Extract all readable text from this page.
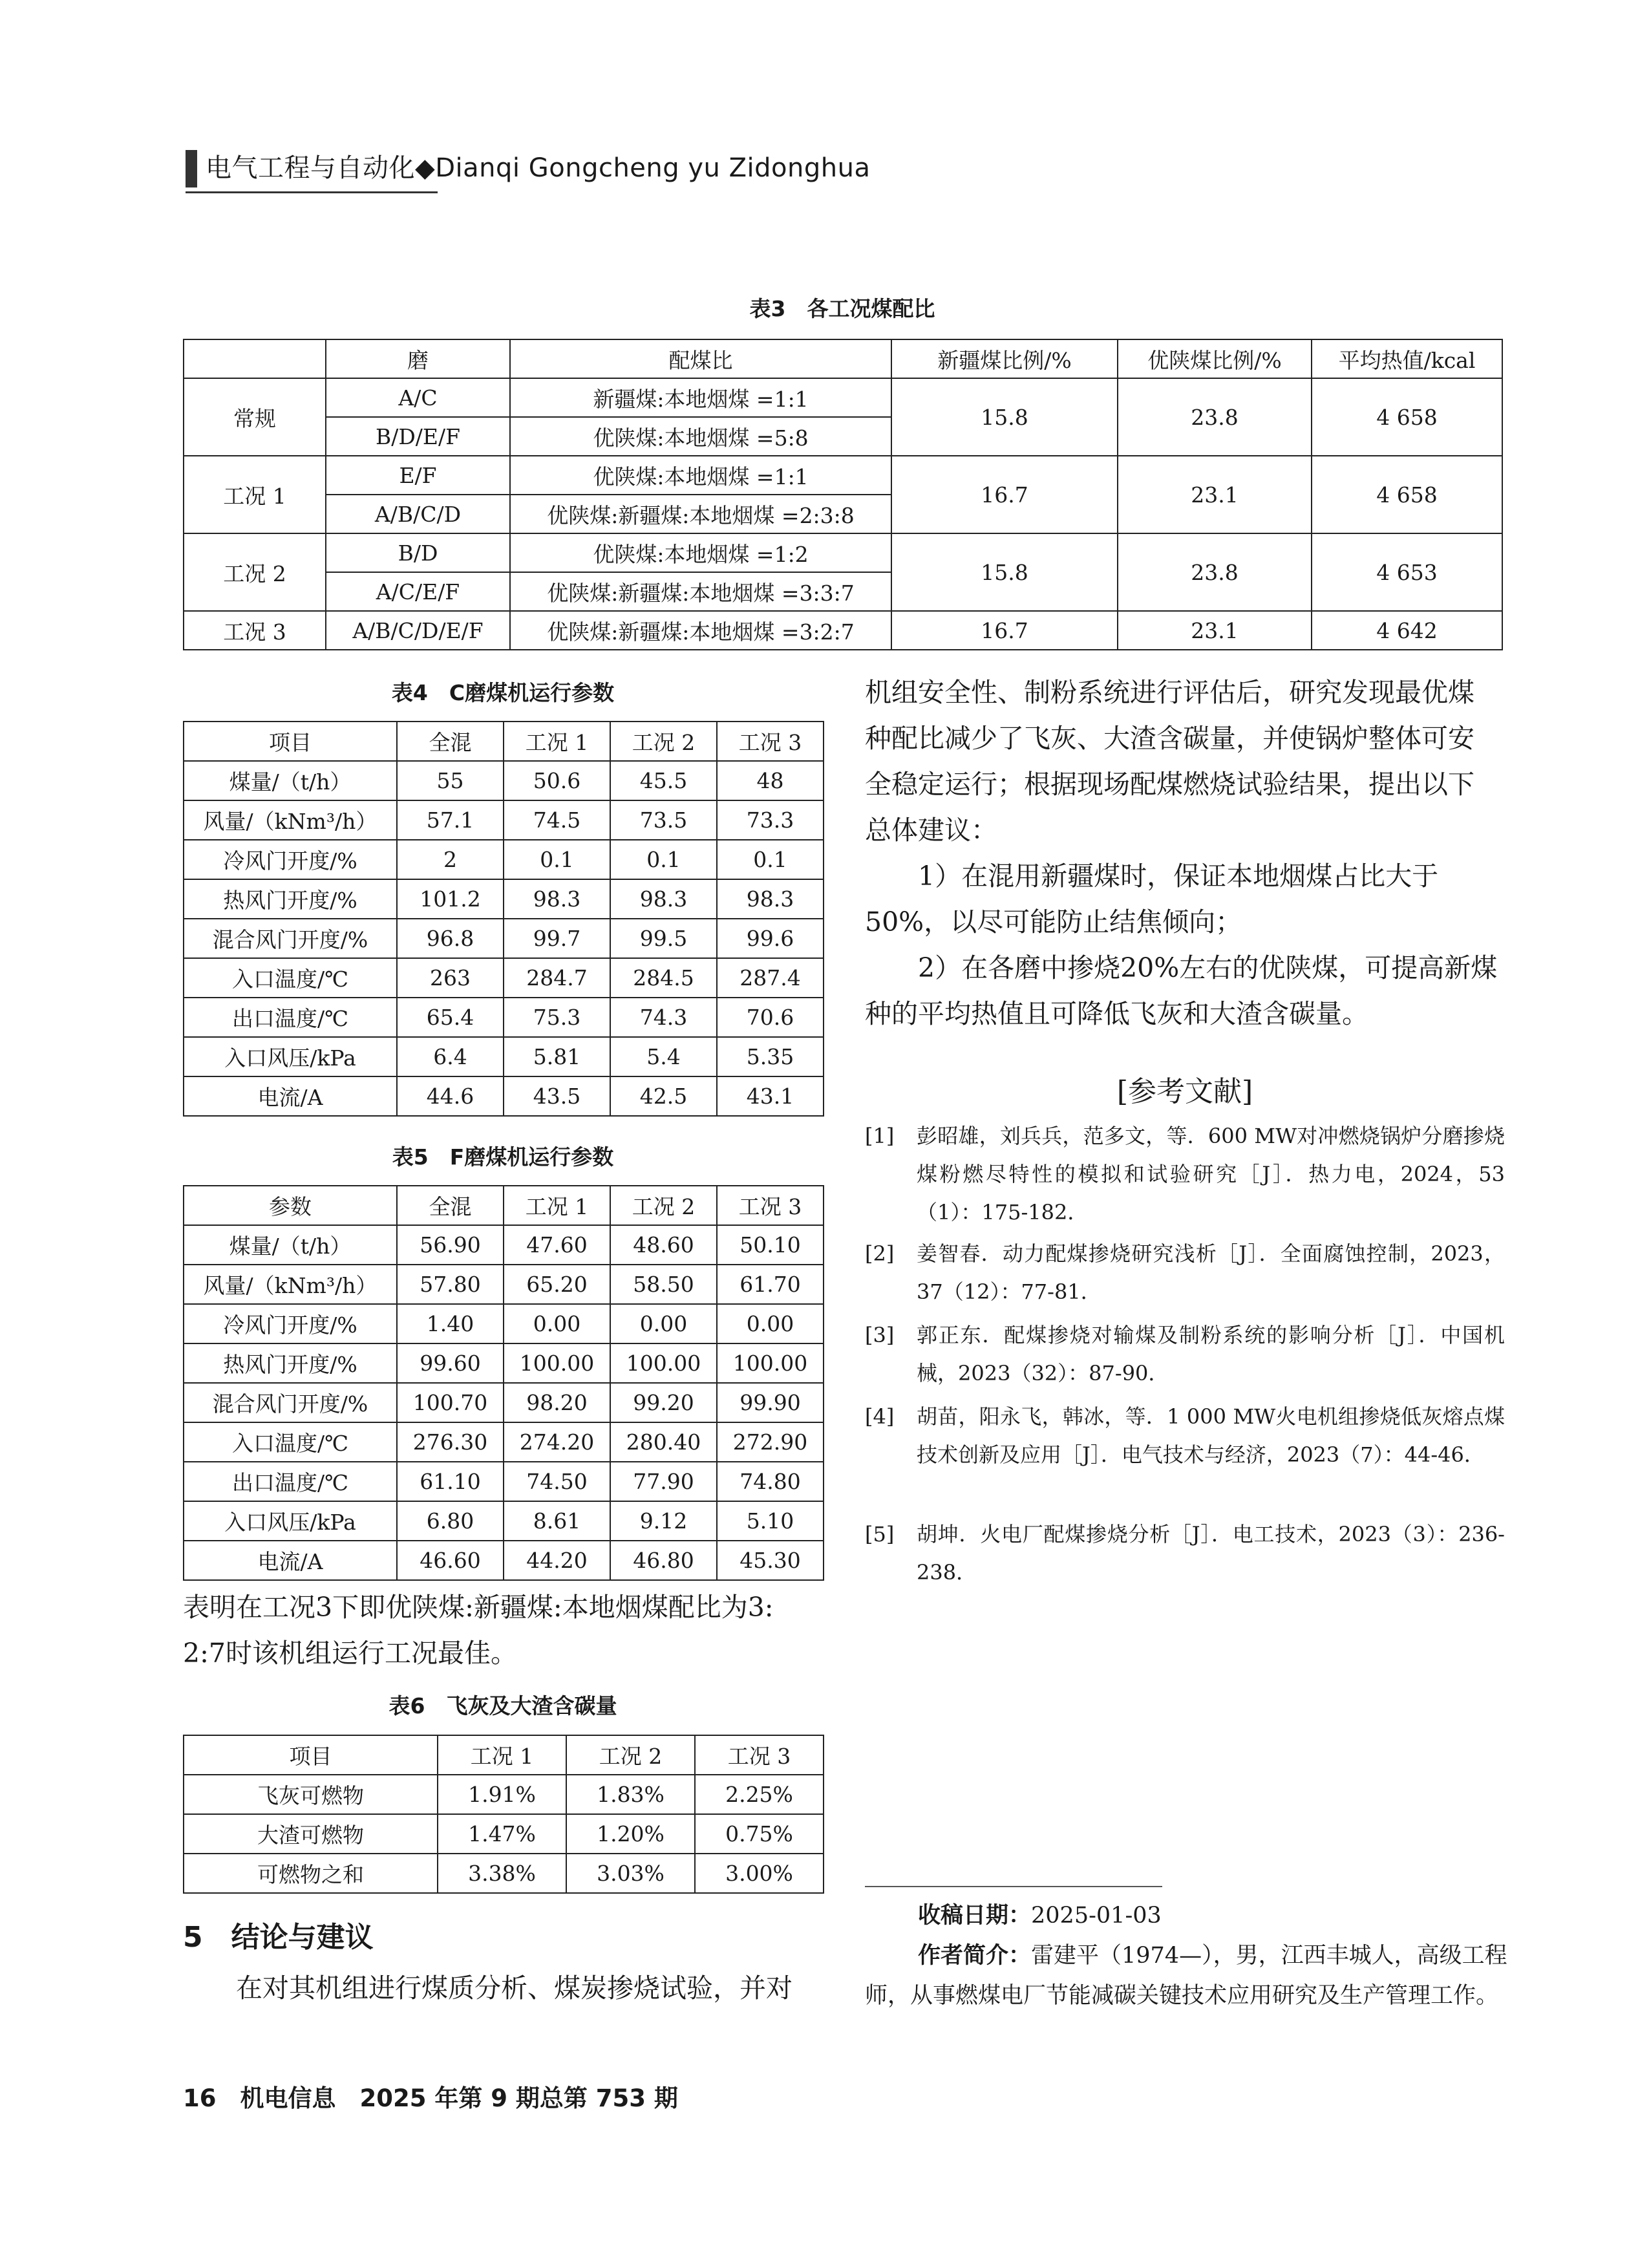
电气工程与自动化◆Dianqi Gongcheng yu Zidonghua
表3　各工况煤配比
	磨	配煤比	新疆煤比例/%	优陕煤比例/%	平均热值/kcal
常规	A/C	新疆煤:本地烟煤 =1:1	15.8	23.8	4 658
	B/D/E/F	优陕煤:本地烟煤 =5:8			
工况 1	E/F	优陕煤:本地烟煤 =1:1	16.7	23.1	4 658
	A/B/C/D	优陕煤:新疆煤:本地烟煤 =2:3:8			
工况 2	B/D	优陕煤:本地烟煤 =1:2	15.8	23.8	4 653
	A/C/E/F	优陕煤:新疆煤:本地烟煤 =3:3:7			
工况 3	A/B/C/D/E/F	优陕煤:新疆煤:本地烟煤 =3:2:7	16.7	23.1	4 642
表4　C磨煤机运行参数
项目	全混	工况 1	工况 2	工况 3
煤量/（t/h）	55	50.6	45.5	48
风量/（kNm³/h）	57.1	74.5	73.5	73.3
冷风门开度/%	2	0.1	0.1	0.1
热风门开度/%	101.2	98.3	98.3	98.3
混合风门开度/%	96.8	99.7	99.5	99.6
入口温度/℃	263	284.7	284.5	287.4
出口温度/℃	65.4	75.3	74.3	70.6
入口风压/kPa	6.4	5.81	5.4	5.35
电流/A	44.6	43.5	42.5	43.1
表5　F磨煤机运行参数
参数	全混	工况 1	工况 2	工况 3
煤量/（t/h）	56.90	47.60	48.60	50.10
风量/（kNm³/h）	57.80	65.20	58.50	61.70
冷风门开度/%	1.40	0.00	0.00	0.00
热风门开度/%	99.60	100.00	100.00	100.00
混合风门开度/%	100.70	98.20	99.20	99.90
入口温度/℃	276.30	274.20	280.40	272.90
出口温度/℃	61.10	74.50	77.90	74.80
入口风压/kPa	6.80	8.61	9.12	5.10
电流/A	46.60	44.20	46.80	45.30
表明在工况3下即优陕煤:新疆煤:本地烟煤配比为3:
2:7时该机组运行工况最佳。
表6　飞灰及大渣含碳量
项目	工况 1	工况 2	工况 3
飞灰可燃物	1.91%	1.83%	2.25%
大渣可燃物	1.47%	1.20%	0.75%
可燃物之和	3.38%	3.03%	3.00%
5　结论与建议
在对其机组进行煤质分析、煤炭掺烧试验，并对
机组安全性、制粉系统进行评估后，研究发现最优煤
种配比减少了飞灰、大渣含碳量，并使锅炉整体可安
全稳定运行；根据现场配煤燃烧试验结果，提出以下
总体建议：
1）在混用新疆煤时，保证本地烟煤占比大于
50%，以尽可能防止结焦倾向；
2）在各磨中掺烧20%左右的优陕煤，可提高新煤
种的平均热值且可降低飞灰和大渣含碳量。
[参考文献]
[1] 彭昭雄，刘兵兵，范多文，等．600 MW对冲燃烧锅炉分磨掺烧煤粉燃尽特性的模拟和试验研究［J］．热力电，2024，53（1）：175-182．
[2] 姜智春．动力配煤掺烧研究浅析［J］．全面腐蚀控制，2023，37（12）：77-81．
[3] 郭正东．配煤掺烧对输煤及制粉系统的影响分析［J］．中国机械，2023（32）：87-90．
[4] 胡苗，阳永飞，韩冰，等．1 000 MW火电机组掺烧低灰熔点煤技术创新及应用［J］．电气技术与经济，2023（7）：44-46．
[5] 胡坤．火电厂配煤掺烧分析［J］．电工技术，2023（3）：236-238．
收稿日期：2025-01-03
作者简介：雷建平（1974—），男，江西丰城人，高级工程
师，从事燃煤电厂节能减碳关键技术应用研究及生产管理工作。
16　机电信息　2025 年第 9 期总第 753 期
